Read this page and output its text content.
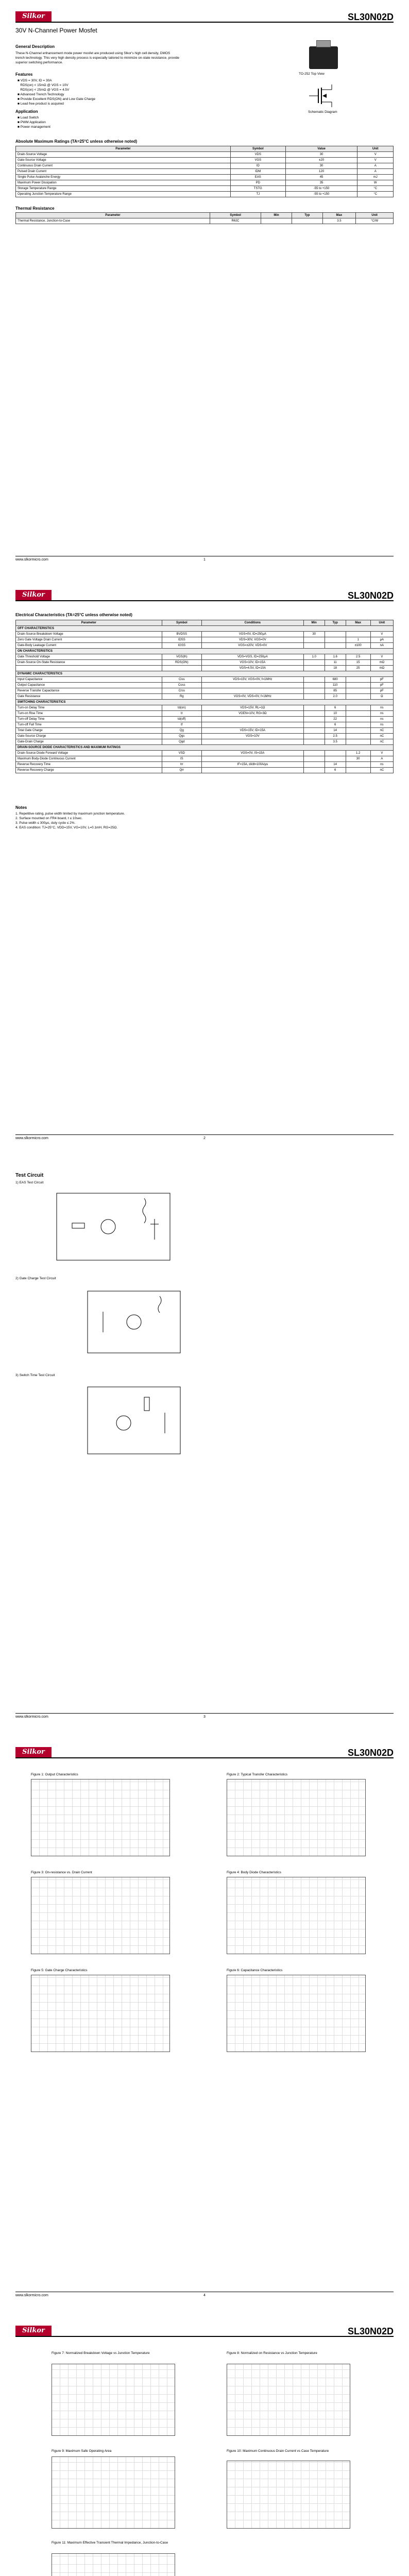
Silkor	SL30N02D
30V N-Channel Power Mosfet
General Description
These N-Channel enhancement mode power mosfet are produced using Slkor's high cell density, DMOS trench technology. This very high density process is especially tailored to minimize on-state resistance, provide superior switching performance.
TO-252 Top View
Schematic Diagram
Features
■ VDS = 30V, ID = 30A
RDS(on) < 15mΩ @ VGS = 10V
RDS(on) < 25mΩ @ VGS = 4.5V
■ Advanced Trench Technology
■ Provide Excellent RDS(ON) and Low Gate Charge
■ Lead free product is acquired
Application
■ Load Switch
■ PWM Application
■ Power management
Absolute Maximum Ratings (TA=25°C unless otherwise noted)
Parameter	Symbol	Value	Unit
Drain-Source Voltage	VDS	30	V
Gate-Source Voltage	VGS	±20	V
Continuous Drain Current	ID	30	A
Pulsed Drain Current	IDM	120	A
Single Pulse Avalanche Energy	EAS	45	mJ
Maximum Power Dissipation	PD	35	W
Storage Temperature Range	TSTG	-55 to +150	°C
Operating Junction Temperature Range	TJ	-55 to +150	°C
Thermal Resistance
Parameter	Symbol	Min	Typ	Max	Unit
Thermal Resistance, Junction-to-Case	RθJC			3.5	°C/W
www.slkormicro.com	1
Silkor	SL30N02D
Electrical Characteristics (TA=25°C unless otherwise noted)
Parameter	Symbol	Conditions	Min	Typ	Max	Unit
OFF CHARACTERISTICS						
Drain-Source Breakdown Voltage	BVDSS	VGS=0V, ID=250μA	30			V
Zero Gate Voltage Drain Current	IDSS	VDS=30V, VGS=0V			1	μA
Gate-Body Leakage Current	IGSS	VGS=±20V, VDS=0V			±100	nA
ON CHARACTERISTICS						
Gate Threshold Voltage	VGS(th)	VDS=VGS, ID=250μA	1.0	1.6	2.5	V
Drain-Source On-State Resistance	RDS(ON)	VGS=10V, ID=15A		11	15	mΩ
		VGS=4.5V, ID=10A		18	25	mΩ
DYNAMIC CHARACTERISTICS						
Input Capacitance	Ciss	VDS=15V, VGS=0V, f=1MHz		680		pF
Output Capacitance	Coss			110		pF
Reverse Transfer Capacitance	Crss			85		pF
Gate Resistance	Rg	VGS=0V, VDS=0V, f=1MHz		2.0		Ω
SWITCHING CHARACTERISTICS						
Turn-on Delay Time	td(on)	VDS=15V, RL=1Ω		6		ns
Turn-on Rise Time	tr	VGEN=10V, RG=3Ω		10		ns
Turn-off Delay Time	td(off)			22		ns
Turn-off Fall Time	tf			6		ns
Total Gate Charge	Qg	VDS=15V, ID=15A		14		nC
Gate-Source Charge	Qgs	VGS=10V		2.5		nC
Gate-Drain Charge	Qgd			3.5		nC
DRAIN-SOURCE DIODE CHARACTERISTICS AND MAXIMUM RATINGS						
Drain-Source Diode Forward Voltage	VSD	VGS=0V, IS=15A			1.2	V
Maximum Body-Diode Continuous Current	IS				30	A
Reverse Recovery Time	trr	IF=15A, di/dt=100A/μs		14		ns
Reverse Recovery Charge	Qrr			6		nC
Notes
1. Repetitive rating, pulse width limited by maximum junction temperature.
2. Surface mounted on FR4 board, t ≤ 10sec.
3. Pulse width ≤ 300μs, duty cycle ≤ 2%.
4. EAS condition: TJ=25°C, VDD=15V, VG=10V, L=0.1mH, RG=25Ω.
www.slkormicro.com	2
Test Circuit
1) EAS Test Circuit
2) Gate Charge Test Circuit
3) Switch Time Test Circuit
www.slkormicro.com	3
Silkor	SL30N02D
Figure 1: Output Characteristics	Figure 2: Typical Transfer Characteristics
Figure 3: On-resistance vs. Drain Current	Figure 4: Body Diode Characteristics
Figure 5: Gate Charge Characteristics	Figure 6: Capacitance Characteristics
www.slkormicro.com	4
Silkor	SL30N02D
Figure 7: Normalized Breakdown Voltage vs Junction Temperature	Figure 8: Normalized on Resistance vs Junction Temperature
Figure 9: Maximum Safe Operating Area	Figure 10: Maximum Continuous Drain Current vs Case Temperature
Figure 11: Maximum Effective Transient Thermal Impedance, Junction-to-Case
